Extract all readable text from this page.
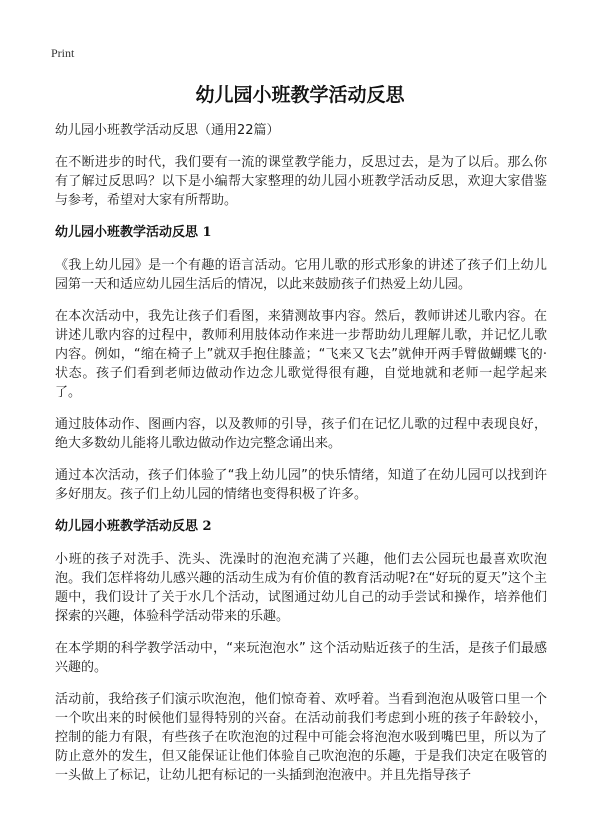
Print
幼儿园小班教学活动反思

幼儿园小班教学活动反思（通用22篇）

在不断进步的时代，我们要有一流的课堂教学能力，反思过去，是为了以后。那么你有了解过反思吗？以下是小编帮大家整理的幼儿园小班教学活动反思，欢迎大家借鉴与参考，希望对大家有所帮助。

幼儿园小班教学活动反思 1

《我上幼儿园》是一个有趣的语言活动。它用儿歌的形式形象的讲述了孩子们上幼儿园第一天和适应幼儿园生活后的情况，以此来鼓励孩子们热爱上幼儿园。

在本次活动中，我先让孩子们看图，来猜测故事内容。然后，教师讲述儿歌内容。在讲述儿歌内容的过程中，教师利用肢体动作来进一步帮助幼儿理解儿歌，并记忆儿歌内容。例如，“缩在椅子上”就双手抱住膝盖；“飞来又飞去”就伸开两手臂做蝴蝶飞的·状态。孩子们看到老师边做动作边念儿歌觉得很有趣，自觉地就和老师一起学起来了。

通过肢体动作、图画内容，以及教师的引导，孩子们在记忆儿歌的过程中表现良好，绝大多数幼儿能将儿歌边做动作边完整念诵出来。

通过本次活动，孩子们体验了“我上幼儿园”的快乐情绪，知道了在幼儿园可以找到许多好朋友。孩子们上幼儿园的情绪也变得积极了许多。

幼儿园小班教学活动反思 2

小班的孩子对洗手、洗头、洗澡时的泡泡充满了兴趣，他们去公园玩也最喜欢吹泡泡。我们怎样将幼儿感兴趣的活动生成为有价值的教育活动呢?在“好玩的夏天”这个主题中，我们设计了关于水几个活动，试图通过幼儿自己的动手尝试和操作，培养他们探索的兴趣，体验科学活动带来的乐趣。

在本学期的科学教学活动中，“来玩泡泡水” 这个活动贴近孩子的生活，是孩子们最感兴趣的。

活动前，我给孩子们演示吹泡泡，他们惊奇着、欢呼着。当看到泡泡从吸管口里一个一个吹出来的时候他们显得特别的兴奋。在活动前我们考虑到小班的孩子年龄较小，控制的能力有限，有些孩子在吹泡泡的过程中可能会将泡泡水吸到嘴巴里，所以为了防止意外的发生，但又能保证让他们体验自己吹泡泡的乐趣，于是我们决定在吸管的一头做上了标记，让幼儿把有标记的一头插到泡泡液中。并且先指导孩子
